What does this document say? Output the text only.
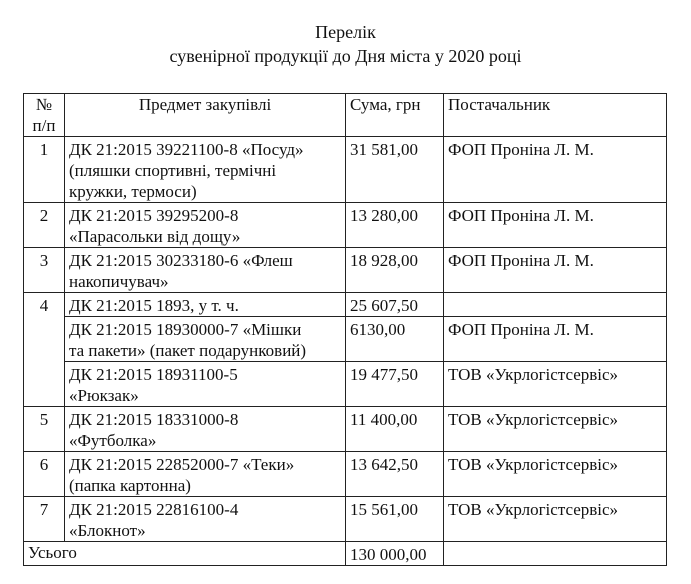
Перелік
сувенірної продукції до Дня міста у 2020 році
№
п/п	Предмет закупівлі	Сума, грн	Постачальник
1	ДК 21:2015 39221100-8 «Посуд»
(пляшки спортивні, термічні
кружки, термоси)	31 581,00	ФОП Проніна Л. М.
2	ДК 21:2015 39295200-8
«Парасольки від дощу»	13 280,00	ФОП Проніна Л. М.
3	ДК 21:2015 30233180-6 «Флеш
накопичувач»	18 928,00	ФОП Проніна Л. М.
4	ДК 21:2015 1893, у т. ч.	25 607,50	

	ДК 21:2015 18930000-7 «Мішки
та пакети» (пакет подарунковий)	6130,00	ФОП Проніна Л. М.

	ДК 21:2015 18931100-5
«Рюкзак»	19 477,50	ТОВ «Укрлогістсервіс»
5	ДК 21:2015 18331000-8
«Футболка»	11 400,00	ТОВ «Укрлогістсервіс»
6	ДК 21:2015 22852000-7 «Теки»
(папка картонна)	13 642,50	ТОВ «Укрлогістсервіс»
7	ДК 21:2015 22816100-4
«Блокнот»	15 561,00	ТОВ «Укрлогістсервіс»
Усього		130 000,00	
